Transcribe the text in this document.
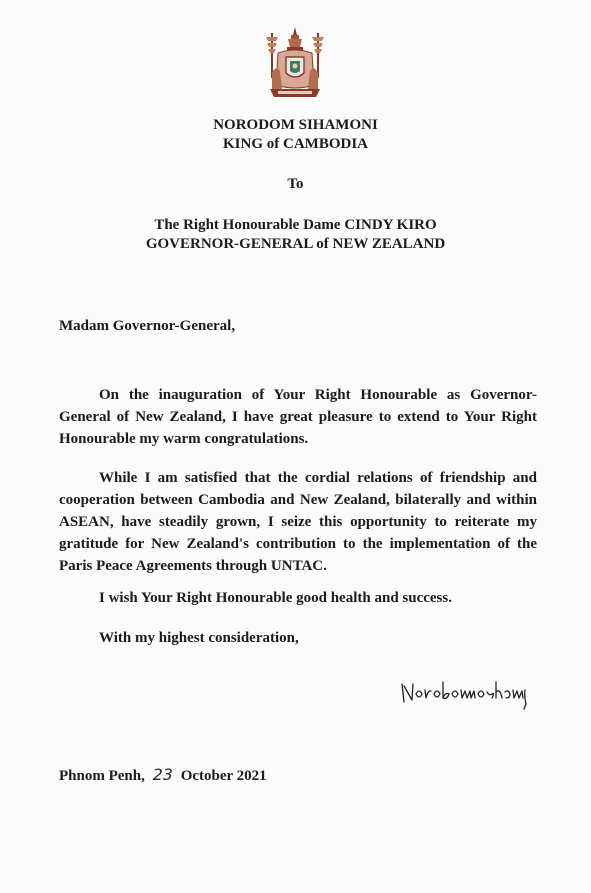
NORODOM SIHAMONI
KING of CAMBODIA
To
The Right Honourable Dame CINDY KIRO
GOVERNOR-GENERAL of NEW ZEALAND
Madam Governor-General,
On the inauguration of Your Right Honourable as Governor-General of New Zealand, I have great pleasure to extend to Your Right Honourable my warm congratulations.
While I am satisfied that the cordial relations of friendship and cooperation between Cambodia and New Zealand, bilaterally and within ASEAN, have steadily grown, I seize this opportunity to reiterate my gratitude for New Zealand's contribution to the implementation of the Paris Peace Agreements through UNTAC.
I wish Your Right Honourable good health and success.
With my highest consideration,
Phnom Penh, 23 October 2021
